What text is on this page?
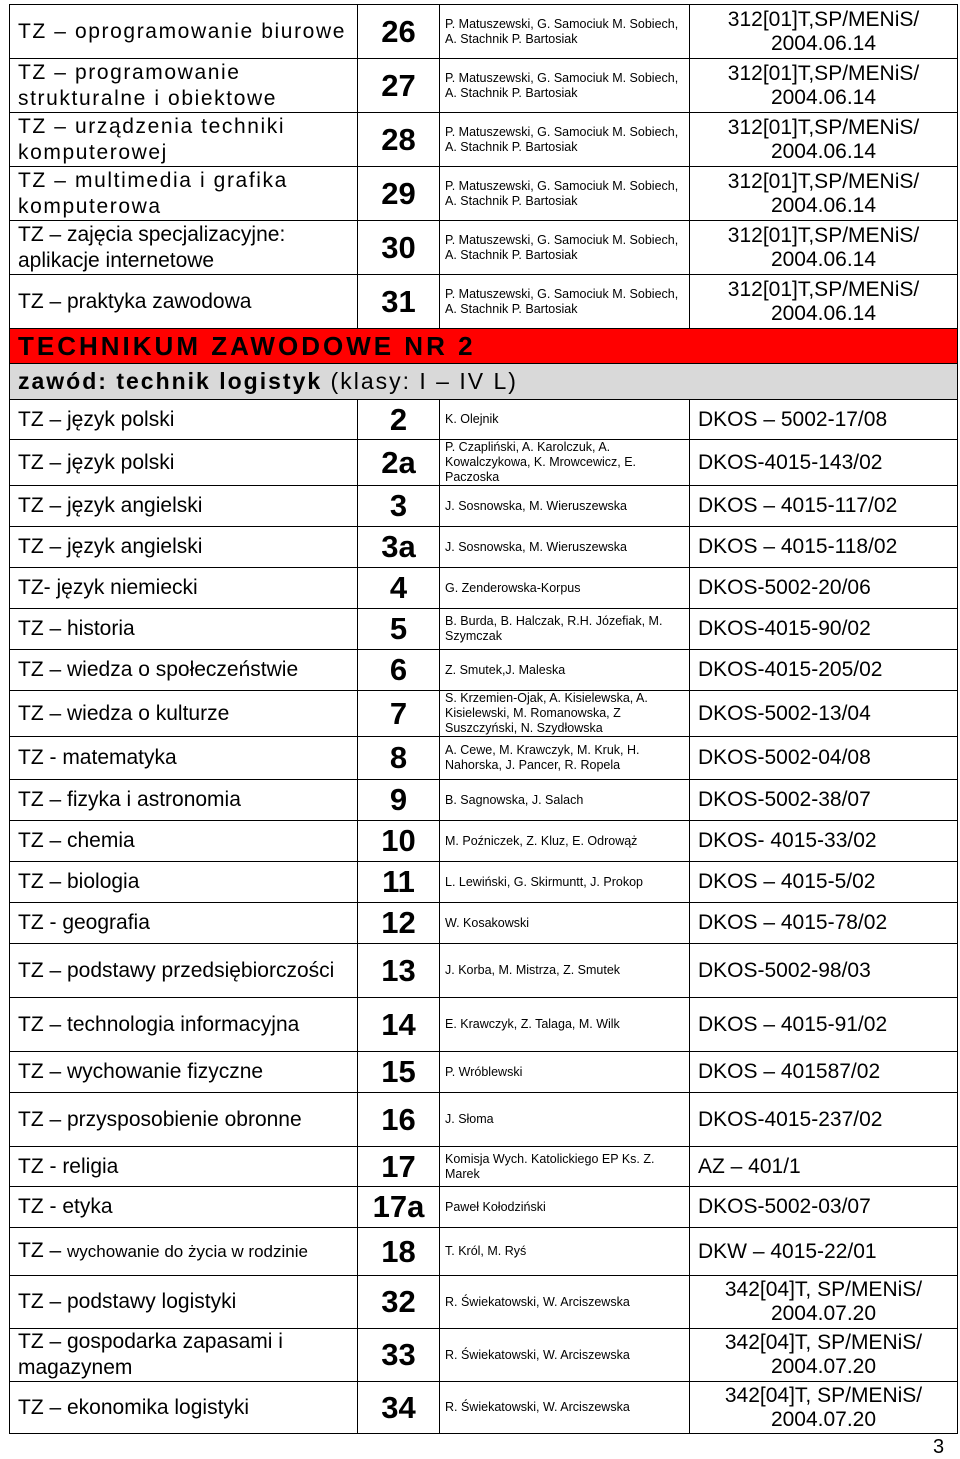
TZ – oprogramowanie biurowe	26	P. Matuszewski, G. Samociuk M. Sobiech, A. Stachnik P. Bartosiak	312[01]T,SP/MENiS/ 2004.06.14
TZ – programowanie strukturalne i obiektowe	27	P. Matuszewski, G. Samociuk M. Sobiech, A. Stachnik P. Bartosiak	312[01]T,SP/MENiS/ 2004.06.14
TZ – urządzenia techniki komputerowej	28	P. Matuszewski, G. Samociuk M. Sobiech, A. Stachnik P. Bartosiak	312[01]T,SP/MENiS/ 2004.06.14
TZ – multimedia i grafika komputerowa	29	P. Matuszewski, G. Samociuk M. Sobiech, A. Stachnik P. Bartosiak	312[01]T,SP/MENiS/ 2004.06.14
TZ – zajęcia specjalizacyjne: aplikacje internetowe	30	P. Matuszewski, G. Samociuk M. Sobiech, A. Stachnik P. Bartosiak	312[01]T,SP/MENiS/ 2004.06.14
TZ – praktyka zawodowa	31	P. Matuszewski, G. Samociuk M. Sobiech, A. Stachnik P. Bartosiak	312[01]T,SP/MENiS/ 2004.06.14
TECHNIKUM ZAWODOWE NR 2			
zawód: technik logistyk (klasy: I – IV L)			
TZ – język polski	2	K. Olejnik	DKOS – 5002-17/08
TZ – język polski	2a	P. Czapliński, A. Karolczuk, A. Kowalczykowa, K. Mrowcewicz, E. Paczoska	DKOS-4015-143/02
TZ – język angielski	3	J. Sosnowska, M. Wieruszewska	DKOS – 4015-117/02
TZ – język angielski	3a	J. Sosnowska, M. Wieruszewska	DKOS – 4015-118/02
TZ- język niemiecki	4	G. Zenderowska-Korpus	DKOS-5002-20/06
TZ – historia	5	B. Burda, B. Halczak, R.H. Józefiak, M. Szymczak	DKOS-4015-90/02
TZ – wiedza o społeczeństwie	6	Z. Smutek,J. Maleska	DKOS-4015-205/02
TZ – wiedza o kulturze	7	S. Krzemien-Ojak, A. Kisielewska, A. Kisielewski, M. Romanowska, Z Suszczyński, N. Szydłowska	DKOS-5002-13/04
TZ - matematyka	8	A. Cewe, M. Krawczyk, M. Kruk, H. Nahorska, J. Pancer, R. Ropela	DKOS-5002-04/08
TZ – fizyka i astronomia	9	B. Sagnowska, J. Salach	DKOS-5002-38/07
TZ – chemia	10	M. Poźniczek, Z. Kluz, E. Odrowąż	DKOS- 4015-33/02
TZ – biologia	11	L. Lewiński, G. Skirmuntt, J. Prokop	DKOS – 4015-5/02
TZ - geografia	12	W. Kosakowski	DKOS – 4015-78/02
TZ – podstawy przedsiębiorczości	13	J. Korba, M. Mistrza, Z. Smutek	DKOS-5002-98/03
TZ – technologia informacyjna	14	E. Krawczyk, Z. Talaga, M. Wilk	DKOS – 4015-91/02
TZ – wychowanie fizyczne	15	P. Wróblewski	DKOS – 401587/02
TZ – przysposobienie obronne	16	J. Słoma	DKOS-4015-237/02
TZ - religia	17	Komisja Wych. Katolickiego EP Ks. Z. Marek	AZ – 401/1
TZ - etyka	17a	Paweł Kołodziński	DKOS-5002-03/07
TZ – wychowanie do życia w rodzinie	18	T. Król, M. Ryś	DKW – 4015-22/01
TZ – podstawy logistyki	32	R. Świekatowski, W. Arciszewska	342[04]T, SP/MENiS/ 2004.07.20
TZ – gospodarka zapasami i magazynem	33	R. Świekatowski, W. Arciszewska	342[04]T, SP/MENiS/ 2004.07.20
TZ – ekonomika logistyki	34	R. Świekatowski, W. Arciszewska	342[04]T, SP/MENiS/ 2004.07.20
3
